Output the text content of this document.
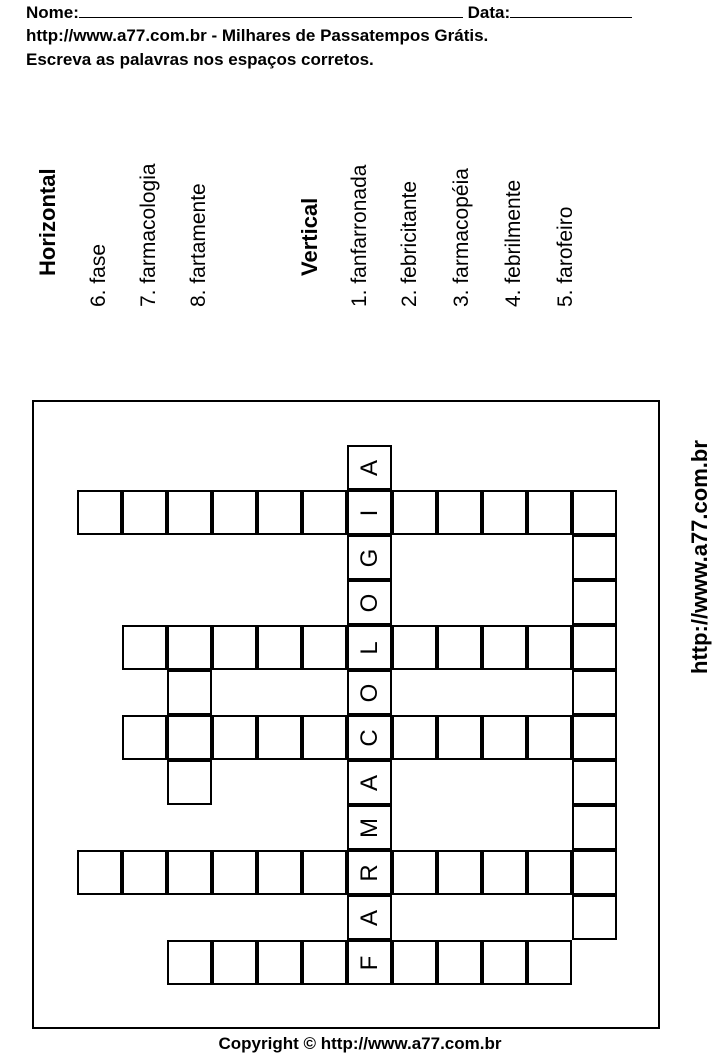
Nome:	Data:
http://www.a77.com.br - Milhares de Passatempos Grátis.
Escreva as palavras nos espaços corretos.
Horizontal 6. fase 7. farmacologia 8. fartamente	Vertical 1. fanfarronada 2. febricitante 3. farmacopéia 4. febrilmente 5. farofeiro
A
I
G
O
L
O
C
A
M
R
A
F
http://www.a77.com.br
Copyright © http://www.a77.com.br
